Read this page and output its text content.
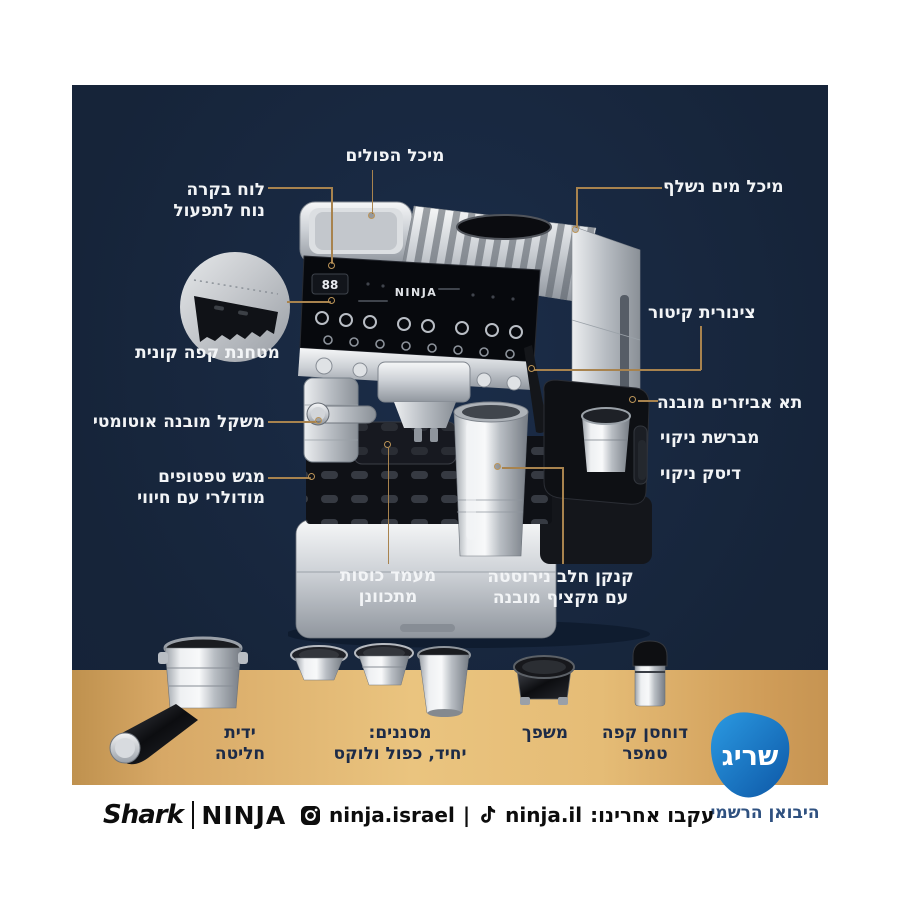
88
NINJA
מיכל הפולים
לוח בקרה
נוח לתפעול
מטחנת קפה קונית
מיכל מים נשלף
צינורית קיטור
תא אביזרים מובנה
מברשת ניקוי
דיסק ניקוי
משקל מובנה אוטומטי
מגש טפטופים
מודולרי עם חיווי
מעמד כוסות
מתכוונן
קנקן חלב נירוסטה
עם מקציף מובנה
ידית
חליטה
מסננים:
יחיד, כפול ולוקס
משפך	דוחסן קפה
טמפר	שריג
היבואן הרשמי
Shark NINJA ninja.israel | ninja.il עקבו אחרינו:
